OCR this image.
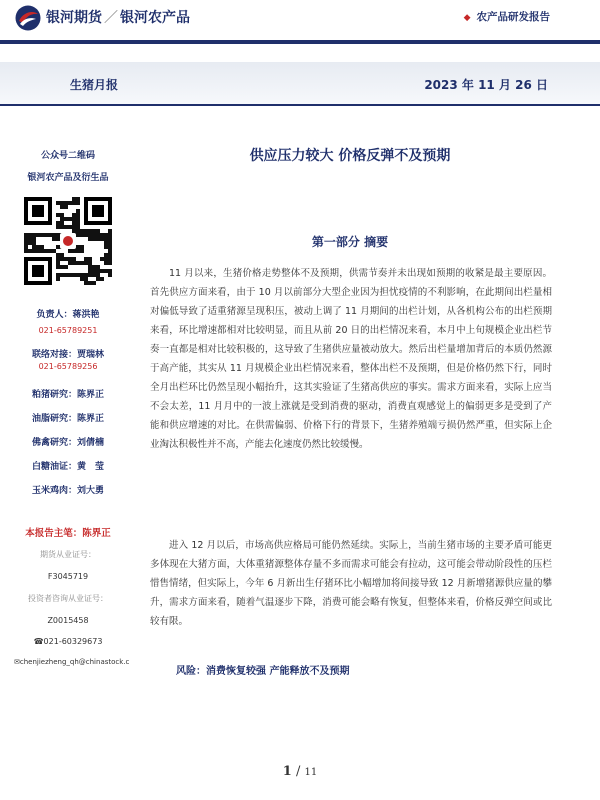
银河期货 ／ 银河农产品	◆ 农产品研发报告
生猪月报	2023 年 11 月 26 日
公众号二维码
银河农产品及衍生品
负责人：蒋洪艳
021-65789251
联络对接：贾瑞林
021-65789256
粕猪研究：陈界正
油脂研究：陈界正
佛禽研究：刘倩楠
白糖油证：黄　莹
玉米鸡肉：刘大勇
本报告主笔：陈界正
期货从业证号：
F3045719
投资者咨询从业证号：
Z0015458
☎021-60329673
✉chenjiezheng_qh@chinastock.c
供应压力较大 价格反弹不及预期
第一部分 摘要
11 月以来，生猪价格走势整体不及预期，供需节奏并未出现如预期的收紧是最主要原因。首先供应方面来看，由于 10 月以前部分大型企业因为担忧疫情的不利影响，在此期间出栏量相对偏低导致了适重猪源呈现积压，被动上调了 11 月期间的出栏计划，从各机构公布的出栏预期来看，环比增速都相对比较明显，而且从前 20 日的出栏情况来看，本月中上旬规模企业出栏节奏一直都是相对比较积极的，这导致了生猪供应量被动放大。然后出栏量增加背后的本质仍然源于高产能，其实从 11 月规模企业出栏情况来看，整体出栏不及预期，但是价格仍然下行，同时全月出栏环比仍然呈现小幅抬升，这其实验证了生猪高供应的事实。需求方面来看，实际上应当不会太差，11 月月中的一波上涨就是受到消费的驱动，消费直观感觉上的偏弱更多是受到了产能和供应增速的对比。在供需偏弱、价格下行的背景下，生猪养殖端亏损仍然严重，但实际上企业淘汰积极性并不高，产能去化速度仍然比较缓慢。
进入 12 月以后，市场高供应格局可能仍然延续。实际上，当前生猪市场的主要矛盾可能更多体现在大猪方面，大体重猪源整体存量不多而需求可能会有拉动，这可能会带动阶段性的压栏惜售情绪，但实际上，今年 6 月新出生仔猪环比小幅增加将间接导致 12 月新增猪源供应量的攀升，需求方面来看，随着气温逐步下降，消费可能会略有恢复，但整体来看，价格反弹空间或比较有限。
风险：消费恢复较强 产能释放不及预期
1 / 11
